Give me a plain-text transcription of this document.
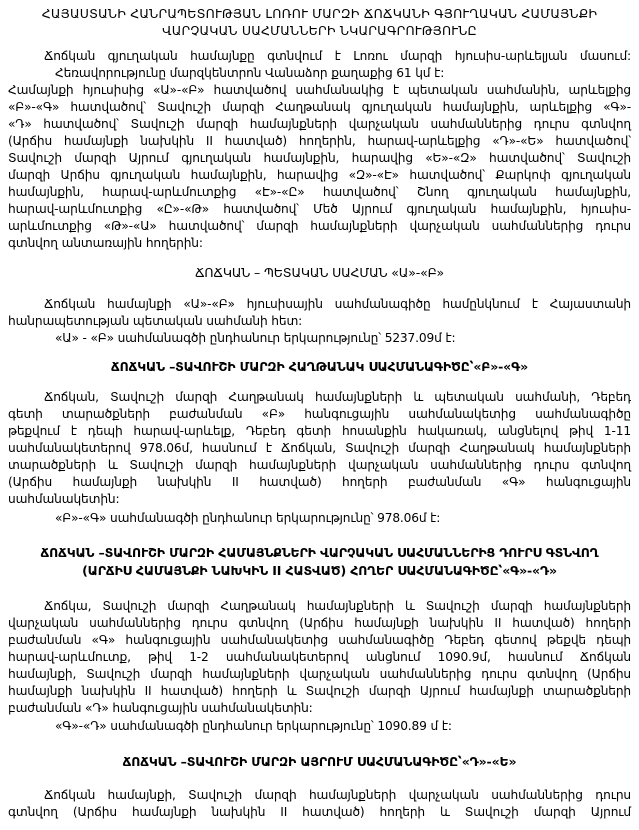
ՀԱՅԱՍՏԱՆԻ ՀԱՆՐԱՊԵՏՈՒԹՅԱՆ ԼՈՌՈՒ ՄԱՐԶԻ ՃՈՃԿԱՆԻ ԳՅՈՒՂԱԿԱՆ ՀԱՄԱՅՆՔԻ
ՎԱՐՉԱԿԱՆ ՍԱՀՄԱՆՆԵՐԻ ՆԿԱՐԱԳՐՈՒԹՅՈՒՆԸ
Ճոճկան գյուղական համայնքը գտնվում է Լոռու մարզի հյուսիս-արևելյան մասում:
Հեռավորությունը մարզկենտրոն Վանաձոր քաղաքից 61 կմ է:
Համայնքի հյուսիսից «Ա»-«Բ» հատվածով սահմանակից է պետական սահմանին, արևելքից
«Բ»-«Գ» հատվածով՝ Տավուշի մարզի Հաղթանակ գյուղական համայնքին, արևելքից «Գ»-
«Դ» հատվածով՝ Տավուշի մարզի համայնքների վարչական սահմաններից դուրս գտնվող
(Արճիս համայնքի նախկին II հատված) հողերին, հարավ-արևելքից «Դ»-«Ե» հատվածով՝
Տավուշի մարզի Այրում գյուղական համայնքին, հարավից «Ե»-«Զ» հատվածով՝ Տավուշի
մարզի Արճիս գյուղական համայնքին, հարավից «Զ»-«Է» հատվածով՝ Քարկոփ գյուղական
համայնքին, հարավ-արևմուտքից «Է»-«Ը» հատվածով՝ Շնող գյուղական համայնքին,
հարավ-արևմուտքից «Ը»-«Թ» հատվածով՝ Մեծ Այրում գյուղական համայնքին, հյուսիս-
արևմուտքից «Թ»-«Ա» հատվածով՝ մարզի համայնքների վարչական սահմաններից դուրս
գտնվող անտառային հողերին:
ՃՈՃԿԱՆ – ՊԵՏԱԿԱՆ ՍԱՀՄԱՆ «Ա»-«Բ»
Ճոճկան համայնքի «Ա»-«Բ» հյուսիսային սահմանագիծը համընկնում է Հայաստանի
հանրապետության պետական սահմանի հետ:
«Ա» - «Բ» սահմանագծի ընդհանուր երկարությունը՝ 5237.09մ է:
ՃՈՃԿԱՆ –ՏԱՎՈՒՇԻ ՄԱՐԶԻ ՀԱՂԹԱՆԱԿ ՍԱՀՄԱՆԱԳԻԾԸ՝«Բ»-«Գ»
Ճոճկան, Տավուշի մարզի Հաղթանակ համայնքների և պետական սահմանի, Դեբեդ
գետի տարածքների բաժանման «Բ» հանգուցային սահմանակետից սահմանագիծը
թեքվում է դեպի հարավ-արևելք, Դեբեդ գետի հոսանքին հակառակ, անցնելով թիվ 1-11
սահմանակետերով 978.06մ, հասնում է Ճոճկան, Տավուշի մարզի Հաղթանակ համայնքների
տարածքների և Տավուշի մարզի համայնքների վարչական սահմաններից դուրս գտնվող
(Արճիս համայնքի նախկին II հատված) հողերի բաժանման «Գ» հանգուցային
սահմանակետին:
«Բ»-«Գ» սահմանագծի ընդհանուր երկարությունը՝ 978.06մ է:
ՃՈՃԿԱՆ –ՏԱՎՈՒՇԻ ՄԱՐԶԻ ՀԱՄԱՅՆՔՆԵՐԻ ՎԱՐՉԱԿԱՆ ՍԱՀՄԱՆՆԵՐԻՑ ԴՈՒՐՍ ԳՏՆՎՈՂ
(ԱՐՃԻՍ ՀԱՄԱՅՆՔԻ ՆԱԽԿԻՆ II ՀԱՏՎԱԾ) ՀՈՂԵՐ ՍԱՀՄԱՆԱԳԻԾԸ՝«Գ»-«Դ»
Ճոճկա, Տավուշի մարզի Հաղթանակ համայնքների և Տավուշի մարզի համայնքների
վարչական սահմաններից դուրս գտնվող (Արճիս համայնքի նախկին II հատված) հողերի
բաժանման «Գ» հանգուցային սահմանակետից սահմանագիծը Դեբեդ գետով թեքվե դեպի
հարավ-արևմուտք, թիվ 1-2 սահմանակետերով անցնում 1090.9մ, հասնում Ճոճկան
համայնքի, Տավուշի մարզի համայնքների վարչական սահմաններից դուրս գտնվող (Արճիս
համայնքի նախկին II հատված) հողերի և Տավուշի մարզի Այրում համայնքի տարածքների
բաժանման «Դ» հանգուցային սահմանակետին:
«Գ»-«Դ» սահմանագծի ընդհանուր երկարությունը՝ 1090.89 մ է:
ՃՈՃԿԱՆ –ՏԱՎՈՒՇԻ ՄԱՐԶԻ ԱՅՐՈՒՄ ՍԱՀՄԱՆԱԳԻԾԸ՝«Դ»-«Ե»
Ճոճկան համայնքի, Տավուշի մարզի համայնքների վարչական սահմաններից դուրս
գտնվող (Արճիս համայնքի նախկին II հատված) հողերի և Տավուշի մարզի Այրում
